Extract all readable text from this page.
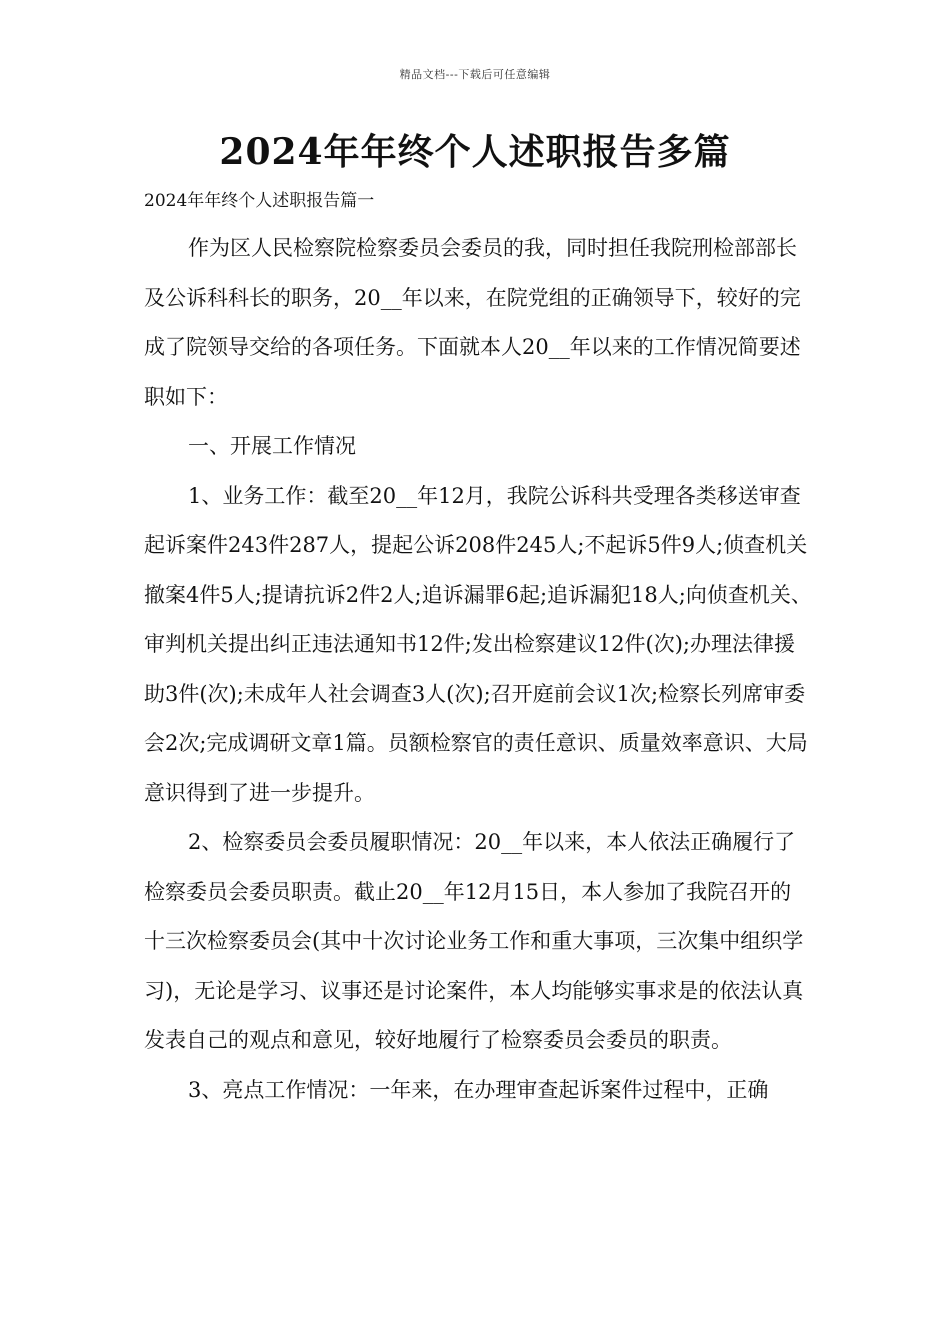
精品文档---下载后可任意编辑
2024年年终个人述职报告多篇

2024年年终个人述职报告篇一

作为区人民检察院检察委员会委员的我，同时担任我院刑检部部长及公诉科科长的职务，20__年以来，在院党组的正确领导下，较好的完成了院领导交给的各项任务。下面就本人20__年以来的工作情况简要述职如下：

一、开展工作情况

1、业务工作：截至20__年12月，我院公诉科共受理各类移送审查起诉案件243件287人，提起公诉208件245人;不起诉5件9人;侦查机关撤案4件5人;提请抗诉2件2人;追诉漏罪6起;追诉漏犯18人;向侦查机关、审判机关提出纠正违法通知书12件;发出检察建议12件(次);办理法律援助3件(次);未成年人社会调查3人(次);召开庭前会议1次;检察长列席审委会2次;完成调研文章1篇。员额检察官的责任意识、质量效率意识、大局意识得到了进一步提升。

2、检察委员会委员履职情况：20__年以来，本人依法正确履行了检察委员会委员职责。截止20__年12月15日，本人参加了我院召开的十三次检察委员会(其中十次讨论业务工作和重大事项，三次集中组织学习)，无论是学习、议事还是讨论案件，本人均能够实事求是的依法认真发表自己的观点和意见，较好地履行了检察委员会委员的职责。

3、亮点工作情况：一年来，在办理审查起诉案件过程中，正确
